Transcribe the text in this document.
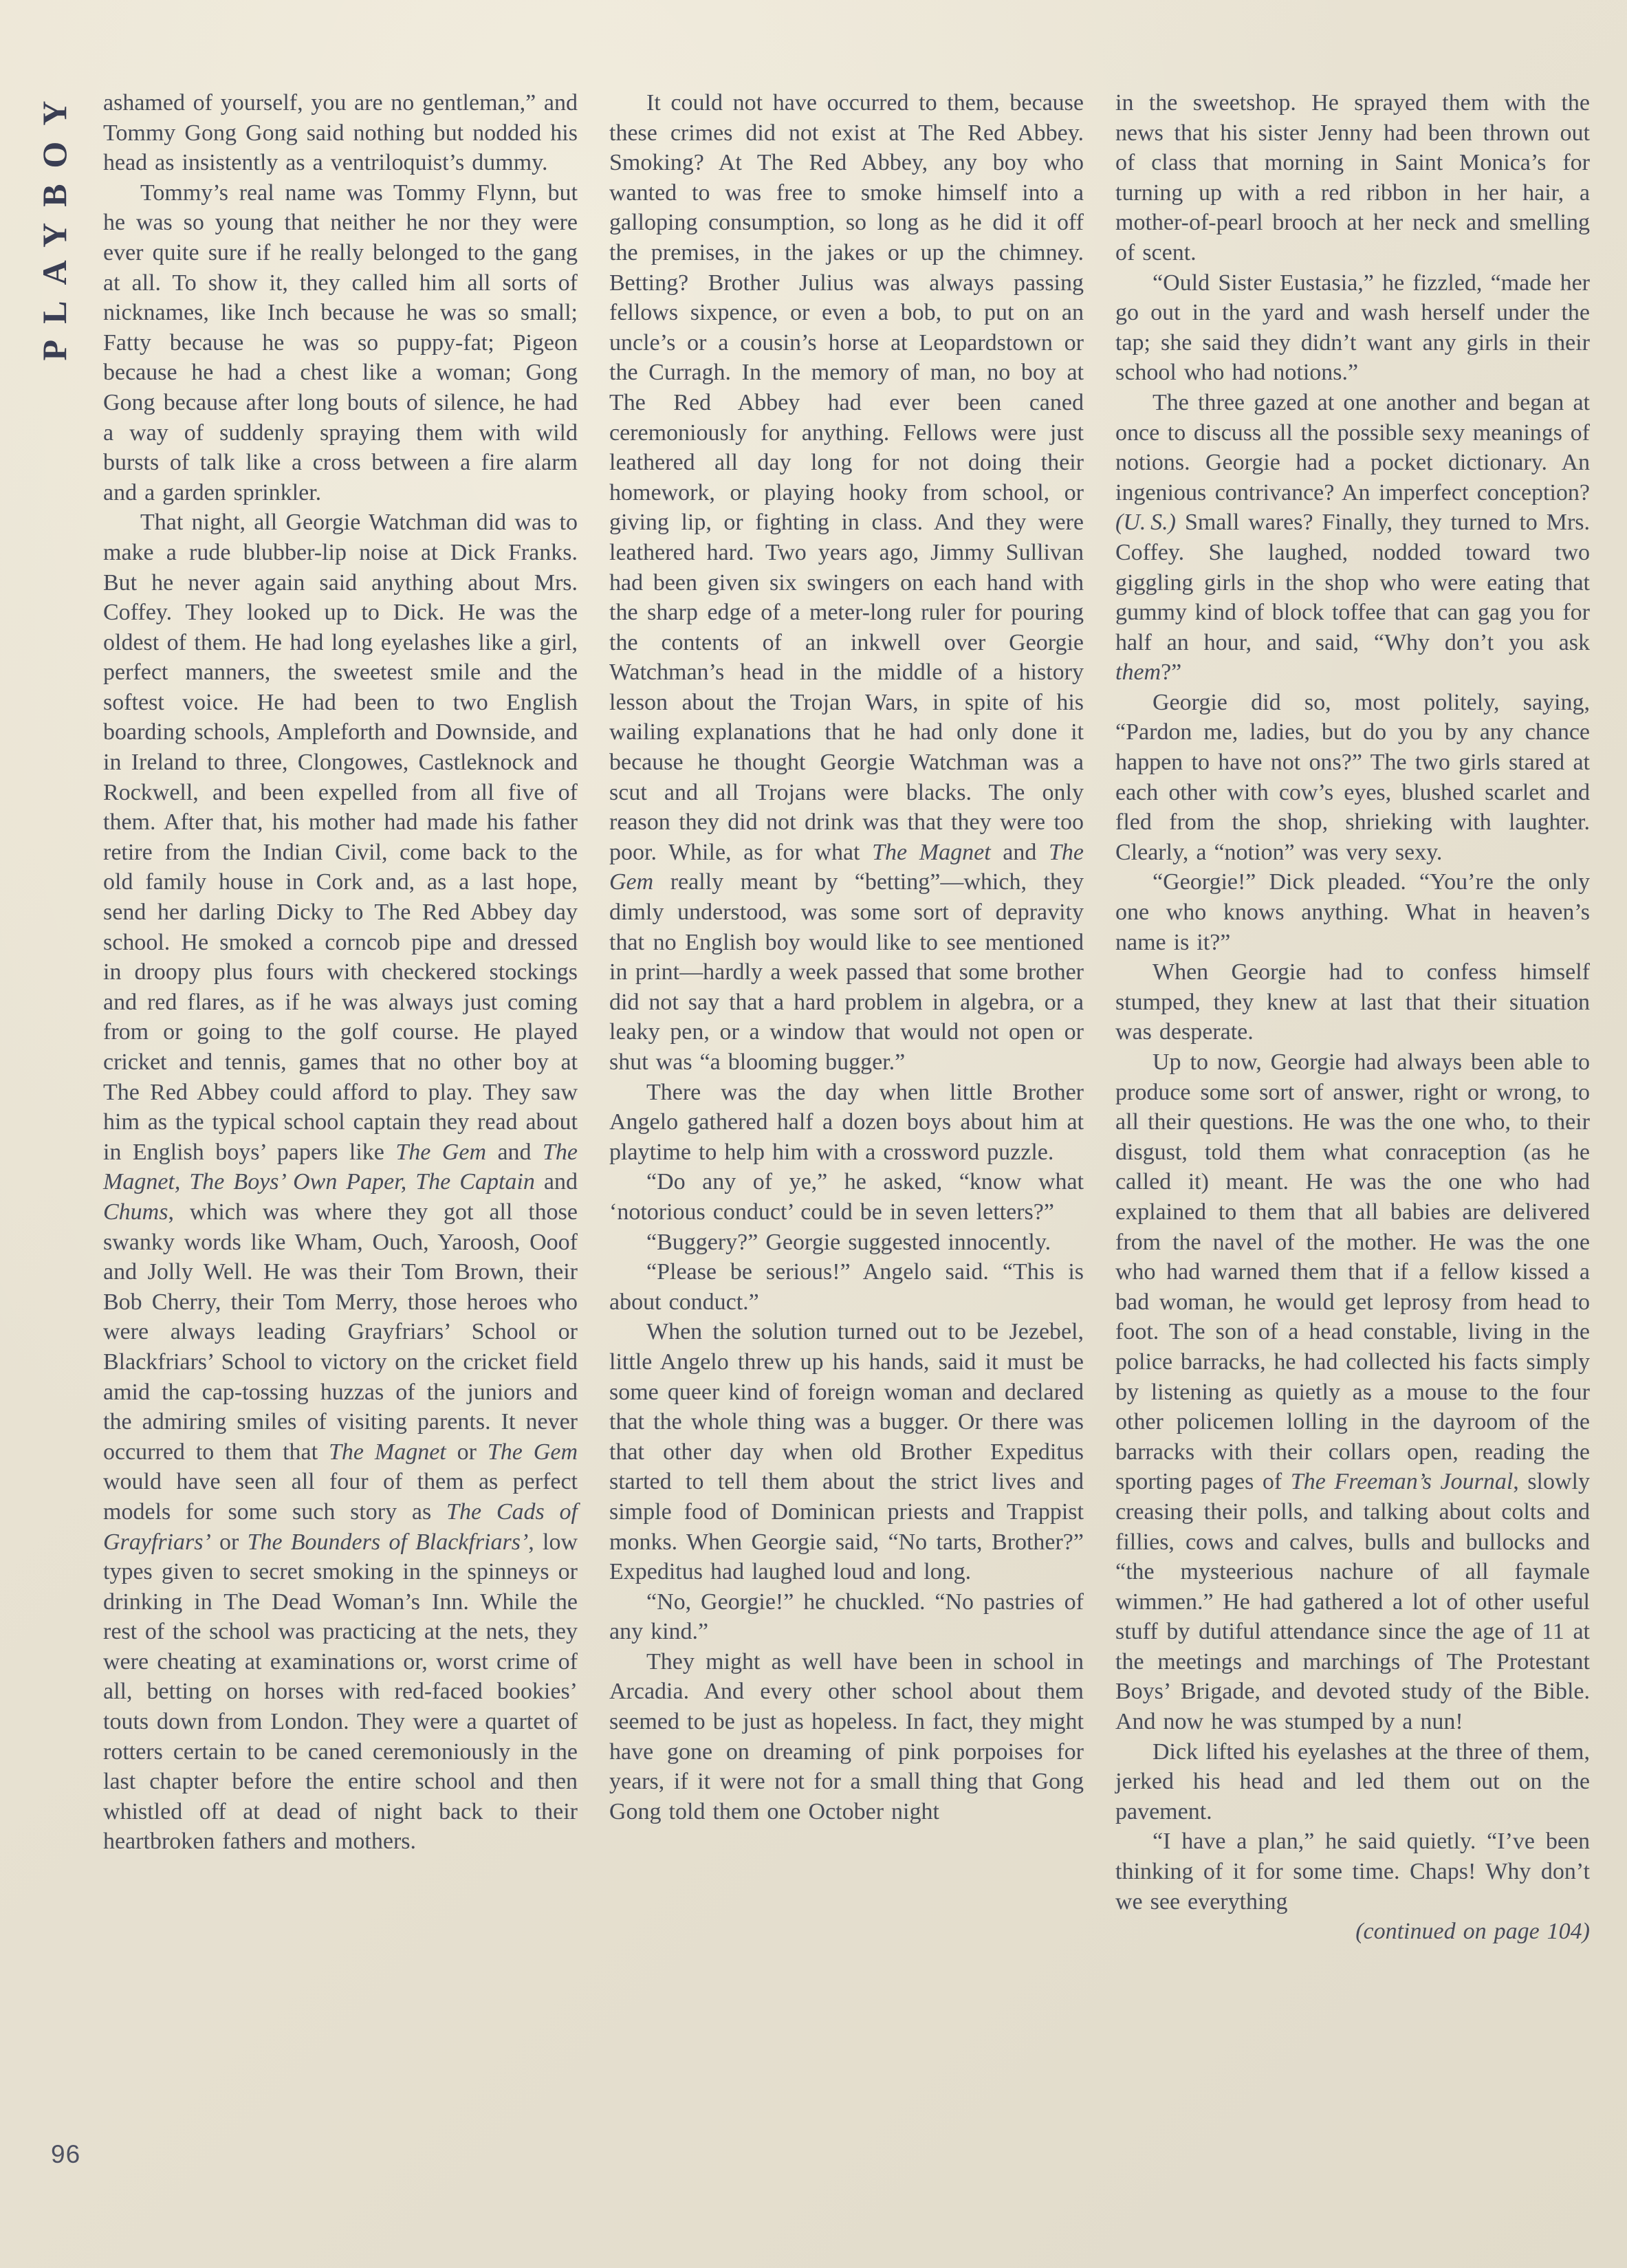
PLAYBOY ashamed of yourself, you are no gentleman,” and Tommy Gong Gong said nothing but nodded his head as insistently as a ventriloquist’s dummy.

Tommy’s real name was Tommy Flynn, but he was so young that neither he nor they were ever quite sure if he really belonged to the gang at all. To show it, they called him all sorts of nicknames, like Inch because he was so small; Fatty because he was so puppy-fat; Pigeon because he had a chest like a woman; Gong Gong because after long bouts of silence, he had a way of suddenly spraying them with wild bursts of talk like a cross between a fire alarm and a garden sprinkler.

That night, all Georgie Watchman did was to make a rude blubber-lip noise at Dick Franks. But he never again said anything about Mrs. Coffey. They looked up to Dick. He was the oldest of them. He had long eyelashes like a girl, perfect manners, the sweetest smile and the softest voice. He had been to two English boarding schools, Ampleforth and Downside, and in Ireland to three, Clongowes, Castleknock and Rockwell, and been expelled from all five of them. After that, his mother had made his father retire from the Indian Civil, come back to the old family house in Cork and, as a last hope, send her darling Dicky to The Red Abbey day school. He smoked a corncob pipe and dressed in droopy plus fours with checkered stockings and red flares, as if he was always just coming from or going to the golf course. He played cricket and tennis, games that no other boy at The Red Abbey could afford to play. They saw him as the typical school captain they read about in English boys’ papers like The Gem and The Magnet, The Boys’ Own Paper, The Captain and Chums, which was where they got all those swanky words like Wham, Ouch, Yaroosh, Ooof and Jolly Well. He was their Tom Brown, their Bob Cherry, their Tom Merry, those heroes who were always leading Grayfriars’ School or Blackfriars’ School to victory on the cricket field amid the cap-tossing huzzas of the juniors and the admiring smiles of visiting parents. It never occurred to them that The Magnet or The Gem would have seen all four of them as perfect models for some such story as The Cads of Grayfriars’ or The Bounders of Blackfriars’, low types given to secret smoking in the spinneys or drinking in The Dead Woman’s Inn. While the rest of the school was practicing at the nets, they were cheating at examinations or, worst crime of all, betting on horses with red-faced bookies’ touts down from London. They were a quartet of rotters certain to be caned ceremoniously in the last chapter before the entire school and then whistled off at dead of night back to their heartbroken fathers and mothers.

It could not have occurred to them, because these crimes did not exist at The Red Abbey. Smoking? At The Red Abbey, any boy who wanted to was free to smoke himself into a galloping consumption, so long as he did it off the premises, in the jakes or up the chimney. Betting? Brother Julius was always passing fellows sixpence, or even a bob, to put on an uncle’s or a cousin’s horse at Leopardstown or the Curragh. In the memory of man, no boy at The Red Abbey had ever been caned ceremoniously for anything. Fellows were just leathered all day long for not doing their homework, or playing hooky from school, or giving lip, or fighting in class. And they were leathered hard. Two years ago, Jimmy Sullivan had been given six swingers on each hand with the sharp edge of a meter-long ruler for pouring the contents of an inkwell over Georgie Watchman’s head in the middle of a history lesson about the Trojan Wars, in spite of his wailing explanations that he had only done it because he thought Georgie Watchman was a scut and all Trojans were blacks. The only reason they did not drink was that they were too poor. While, as for what The Magnet and The Gem really meant by “betting”—which, they dimly understood, was some sort of depravity that no English boy would like to see mentioned in print—hardly a week passed that some brother did not say that a hard problem in algebra, or a leaky pen, or a window that would not open or shut was “a blooming bugger.”

There was the day when little Brother Angelo gathered half a dozen boys about him at playtime to help him with a crossword puzzle.

“Do any of ye,” he asked, “know what ‘notorious conduct’ could be in seven letters?”

“Buggery?” Georgie suggested innocently.

“Please be serious!” Angelo said. “This is about conduct.”

When the solution turned out to be Jezebel, little Angelo threw up his hands, said it must be some queer kind of foreign woman and declared that the whole thing was a bugger. Or there was that other day when old Brother Expeditus started to tell them about the strict lives and simple food of Dominican priests and Trappist monks. When Georgie said, “No tarts, Brother?” Expeditus had laughed loud and long.

“No, Georgie!” he chuckled. “No pastries of any kind.”

They might as well have been in school in Arcadia. And every other school about them seemed to be just as hopeless. In fact, they might have gone on dreaming of pink porpoises for years, if it were not for a small thing that Gong Gong told them one October night

in the sweetshop. He sprayed them with the news that his sister Jenny had been thrown out of class that morning in Saint Monica’s for turning up with a red ribbon in her hair, a mother-of-pearl brooch at her neck and smelling of scent.

“Ould Sister Eustasia,” he fizzled, “made her go out in the yard and wash herself under the tap; she said they didn’t want any girls in their school who had notions.”

The three gazed at one another and began at once to discuss all the possible sexy meanings of notions. Georgie had a pocket dictionary. An ingenious contrivance? An imperfect conception? (U. S.) Small wares? Finally, they turned to Mrs. Coffey. She laughed, nodded toward two giggling girls in the shop who were eating that gummy kind of block toffee that can gag you for half an hour, and said, “Why don’t you ask them?”

Georgie did so, most politely, saying, “Pardon me, ladies, but do you by any chance happen to have not ons?” The two girls stared at each other with cow’s eyes, blushed scarlet and fled from the shop, shrieking with laughter. Clearly, a “notion” was very sexy.

“Georgie!” Dick pleaded. “You’re the only one who knows anything. What in heaven’s name is it?”

When Georgie had to confess himself stumped, they knew at last that their situation was desperate.

Up to now, Georgie had always been able to produce some sort of answer, right or wrong, to all their questions. He was the one who, to their disgust, told them what conraception (as he called it) meant. He was the one who had explained to them that all babies are delivered from the navel of the mother. He was the one who had warned them that if a fellow kissed a bad woman, he would get leprosy from head to foot. The son of a head constable, living in the police barracks, he had collected his facts simply by listening as quietly as a mouse to the four other policemen lolling in the dayroom of the barracks with their collars open, reading the sporting pages of The Freeman’s Journal, slowly creasing their polls, and talking about colts and fillies, cows and calves, bulls and bullocks and “the mysteerious nachure of all faymale wimmen.” He had gathered a lot of other useful stuff by dutiful attendance since the age of 11 at the meetings and marchings of The Protestant Boys’ Brigade, and devoted study of the Bible. And now he was stumped by a nun!

Dick lifted his eyelashes at the three of them, jerked his head and led them out on the pavement.

“I have a plan,” he said quietly. “I’ve been thinking of it for some time. Chaps! Why don’t we see everything

(continued on page 104)

96
